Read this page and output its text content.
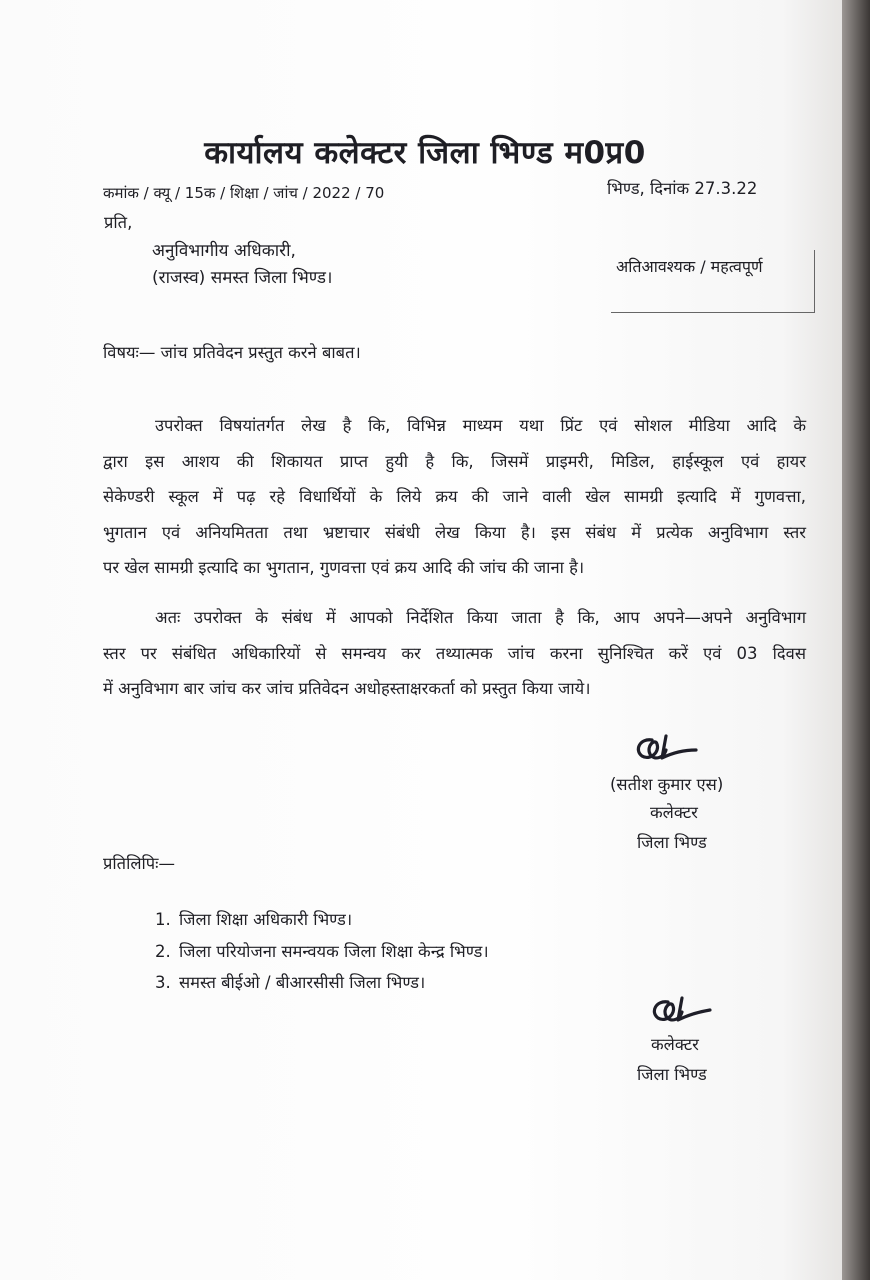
कार्यालय कलेक्टर जिला भिण्ड म0प्र0
कमांक / क्यू / 15क / शिक्षा / जांच / 2022 / 70	भिण्ड, दिनांक 27.3.22
प्रति,
अनुविभागीय अधिकारी,
(राजस्व) समस्त जिला भिण्ड।
अतिआवश्यक / महत्वपूर्ण
विषयः— जांच प्रतिवेदन प्रस्तुत करने बाबत।
उपरोक्त विषयांतर्गत लेख है कि, विभिन्न माध्यम यथा प्रिंट एवं सोशल मीडिया आदि के
द्वारा इस आशय की शिकायत प्राप्त हुयी है कि, जिसमें प्राइमरी, मिडिल, हाईस्कूल एवं हायर
सेकेण्डरी स्कूल में पढ़ रहे विधार्थियों के लिये क्रय की जाने वाली खेल सामग्री इत्यादि में गुणवत्ता,
भुगतान एवं अनियमितता तथा भ्रष्टाचार संबंधी लेख किया है। इस संबंध में प्रत्येक अनुविभाग स्तर
पर खेल सामग्री इत्यादि का भुगतान, गुणवत्ता एवं क्रय आदि की जांच की जाना है।
अतः उपरोक्त के संबंध में आपको निर्देशित किया जाता है कि, आप अपने—अपने अनुविभाग
स्तर पर संबंधित अधिकारियों से समन्वय कर तथ्यात्मक जांच करना सुनिश्चित करें एवं 03 दिवस
में अनुविभाग बार जांच कर जांच प्रतिवेदन अधोहस्ताक्षरकर्ता को प्रस्तुत किया जाये।
(सतीश कुमार एस)
कलेक्टर
जिला भिण्ड
प्रतिलिपिः—
1. जिला शिक्षा अधिकारी भिण्ड।
2. जिला परियोजना समन्वयक जिला शिक्षा केन्द्र भिण्ड।
3. समस्त बीईओ / बीआरसीसी जिला भिण्ड।
कलेक्टर
जिला भिण्ड
